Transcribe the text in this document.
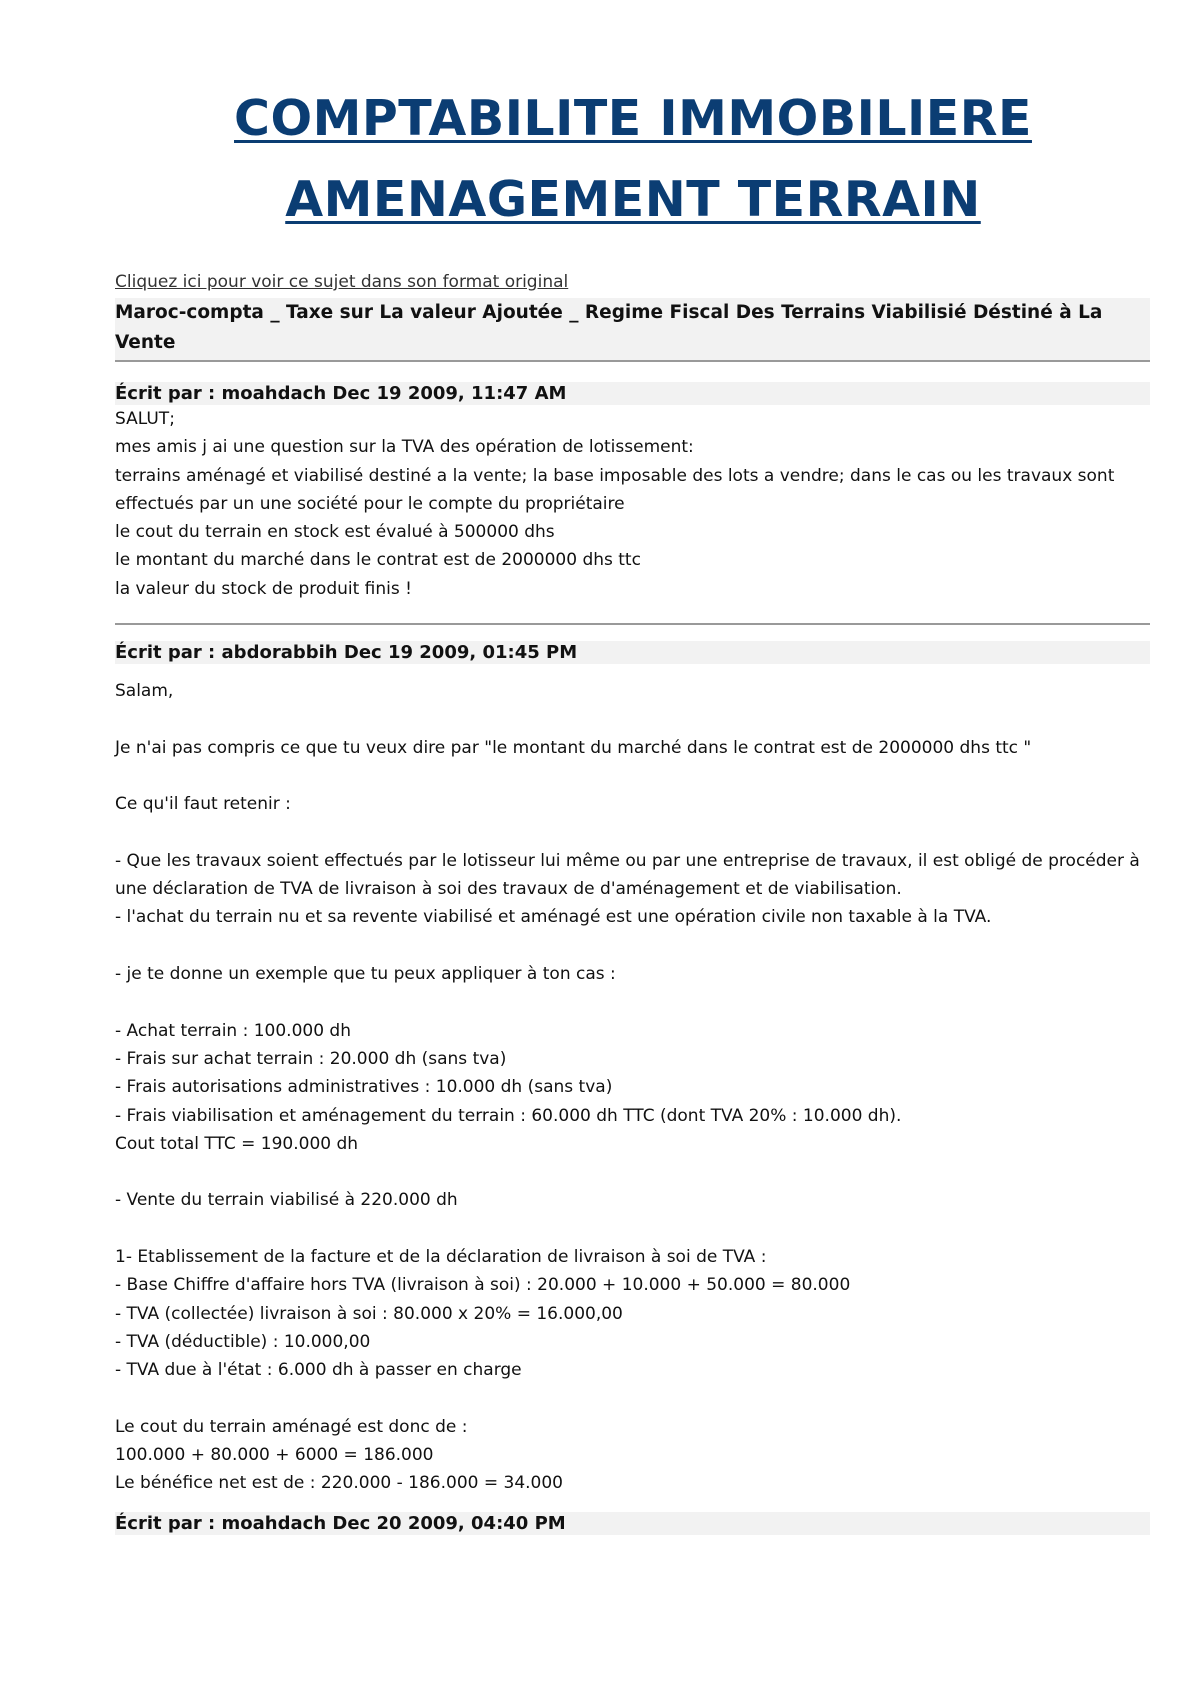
COMPTABILITE IMMOBILIERE
AMENAGEMENT TERRAIN
Cliquez ici pour voir ce sujet dans son format original
Maroc-compta _ Taxe sur La valeur Ajoutée _ Regime Fiscal Des Terrains Viabilisié Déstiné à La Vente
Écrit par : moahdach Dec 19 2009, 11:47 AM
SALUT;
mes amis j ai une question sur la TVA des opération de lotissement:
terrains aménagé et viabilisé destiné a la vente; la base imposable des lots a vendre; dans le cas ou les travaux sont effectués par un une société pour le compte du propriétaire
le cout du terrain en stock est évalué à 500000 dhs
le montant du marché dans le contrat est de 2000000 dhs ttc
la valeur du stock de produit finis !
Écrit par : abdorabbih Dec 19 2009, 01:45 PM
Salam,
Je n'ai pas compris ce que tu veux dire par "le montant du marché dans le contrat est de 2000000 dhs ttc "
Ce qu'il faut retenir :
- Que les travaux soient effectués par le lotisseur lui même ou par une entreprise de travaux, il est obligé de procéder à une déclaration de TVA de livraison à soi des travaux de d'aménagement et de viabilisation.
- l'achat du terrain nu et sa revente viabilisé et aménagé est une opération civile non taxable à la TVA.
- je te donne un exemple que tu peux appliquer à ton cas :
- Achat terrain : 100.000 dh
- Frais sur achat terrain : 20.000 dh (sans tva)
- Frais autorisations administratives : 10.000 dh (sans tva)
- Frais viabilisation et aménagement du terrain : 60.000 dh TTC (dont TVA 20% : 10.000 dh).
Cout total TTC = 190.000 dh
- Vente du terrain viabilisé à 220.000 dh
1- Etablissement de la facture et de la déclaration de livraison à soi de TVA :
- Base Chiffre d'affaire hors TVA (livraison à soi) : 20.000 + 10.000 + 50.000 = 80.000
- TVA (collectée) livraison à soi : 80.000 x 20% = 16.000,00
- TVA (déductible) : 10.000,00
- TVA due à l'état : 6.000 dh à passer en charge
Le cout du terrain aménagé est donc de :
100.000 + 80.000 + 6000 = 186.000
Le bénéfice net est de : 220.000 - 186.000 = 34.000
Écrit par : moahdach Dec 20 2009, 04:40 PM
